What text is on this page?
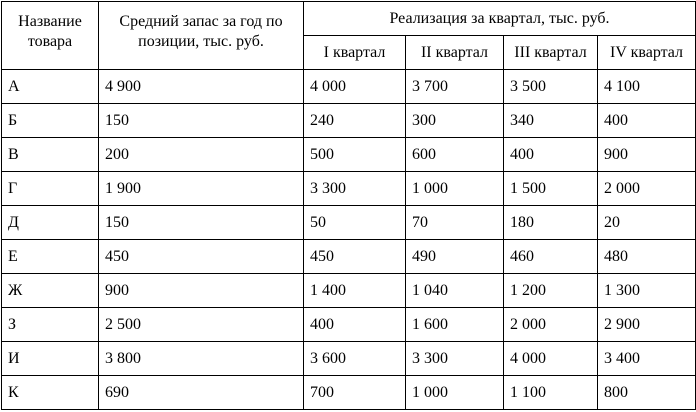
Название товара	Средний запас за год по позиции, тыс. руб.	Реализация за квартал, тыс. руб.			
		I квартал	II квартал	III квартал	IV квартал
А	4 900	4 000	3 700	3 500	4 100
Б	150	240	300	340	400
В	200	500	600	400	900
Г	1 900	3 300	1 000	1 500	2 000
Д	150	50	70	180	20
Е	450	450	490	460	480
Ж	900	1 400	1 040	1 200	1 300
З	2 500	400	1 600	2 000	2 900
И	3 800	3 600	3 300	4 000	3 400
К	690	700	1 000	1 100	800
